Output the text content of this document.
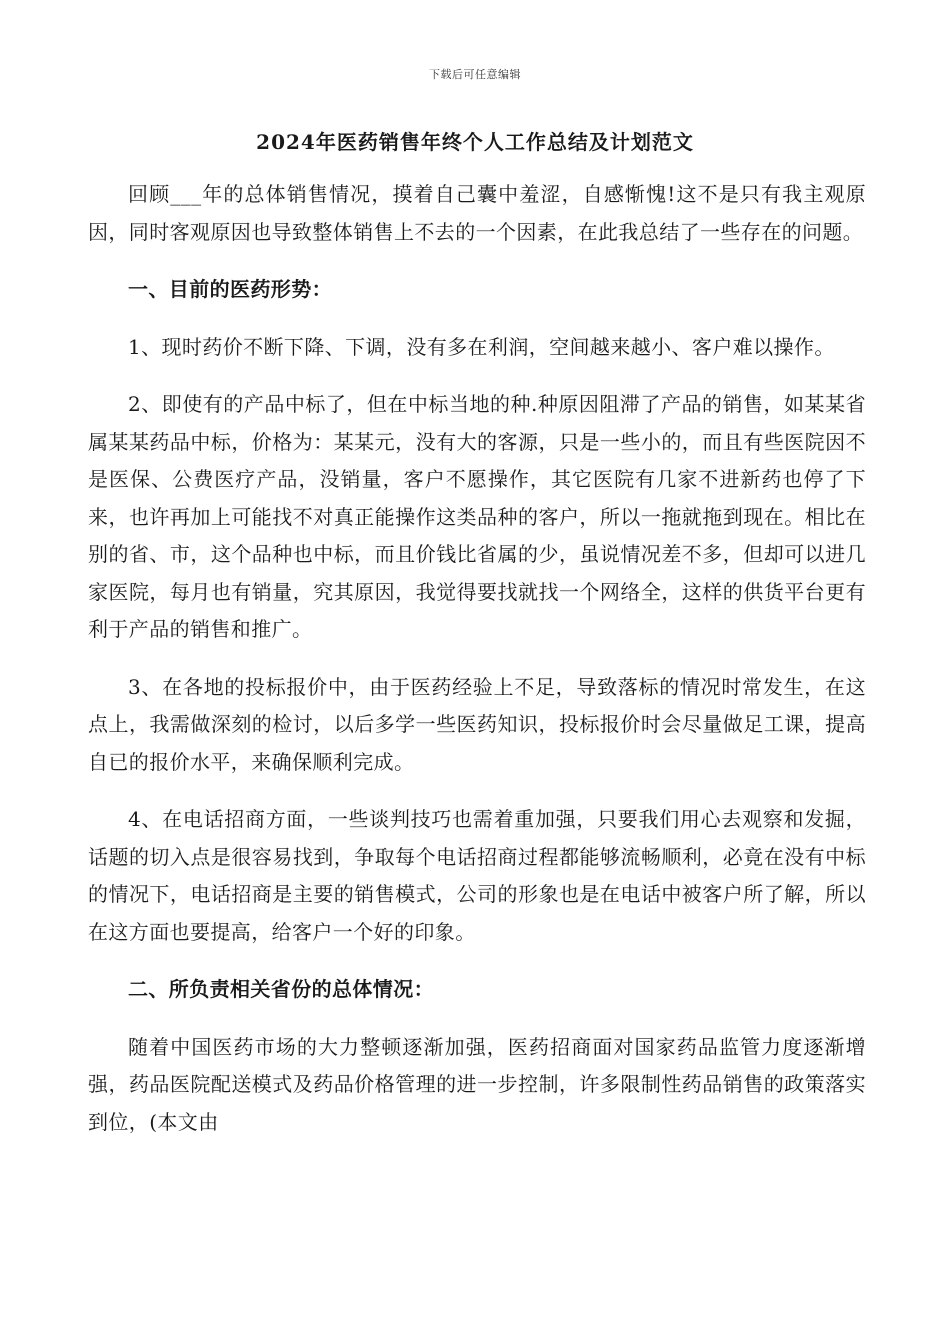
下载后可任意编辑
2024年医药销售年终个人工作总结及计划范文

回顾___年的总体销售情况，摸着自己囊中羞涩，自感惭愧!这不是只有我主观原因，同时客观原因也导致整体销售上不去的一个因素，在此我总结了一些存在的问题。

一、目前的医药形势：

1、现时药价不断下降、下调，没有多在利润，空间越来越小、客户难以操作。

2、即使有的产品中标了，但在中标当地的种.种原因阻滞了产品的销售，如某某省属某某药品中标，价格为：某某元，没有大的客源，只是一些小的，而且有些医院因不是医保、公费医疗产品，没销量，客户不愿操作，其它医院有几家不进新药也停了下来，也许再加上可能找不对真正能操作这类品种的客户，所以一拖就拖到现在。相比在别的省、市，这个品种也中标，而且价钱比省属的少，虽说情况差不多，但却可以进几家医院，每月也有销量，究其原因，我觉得要找就找一个网络全，这样的供货平台更有利于产品的销售和推广。

3、在各地的投标报价中，由于医药经验上不足，导致落标的情况时常发生，在这点上，我需做深刻的检讨，以后多学一些医药知识，投标报价时会尽量做足工课，提高自已的报价水平，来确保顺利完成。

4、在电话招商方面，一些谈判技巧也需着重加强，只要我们用心去观察和发掘，话题的切入点是很容易找到，争取每个电话招商过程都能够流畅顺利，必竟在没有中标的情况下，电话招商是主要的销售模式，公司的形象也是在电话中被客户所了解，所以在这方面也要提高，给客户一个好的印象。

二、所负责相关省份的总体情况：

随着中国医药市场的大力整顿逐渐加强，医药招商面对国家药品监管力度逐渐增强，药品医院配送模式及药品价格管理的进一步控制，许多限制性药品销售的政策落实到位，(本文由
